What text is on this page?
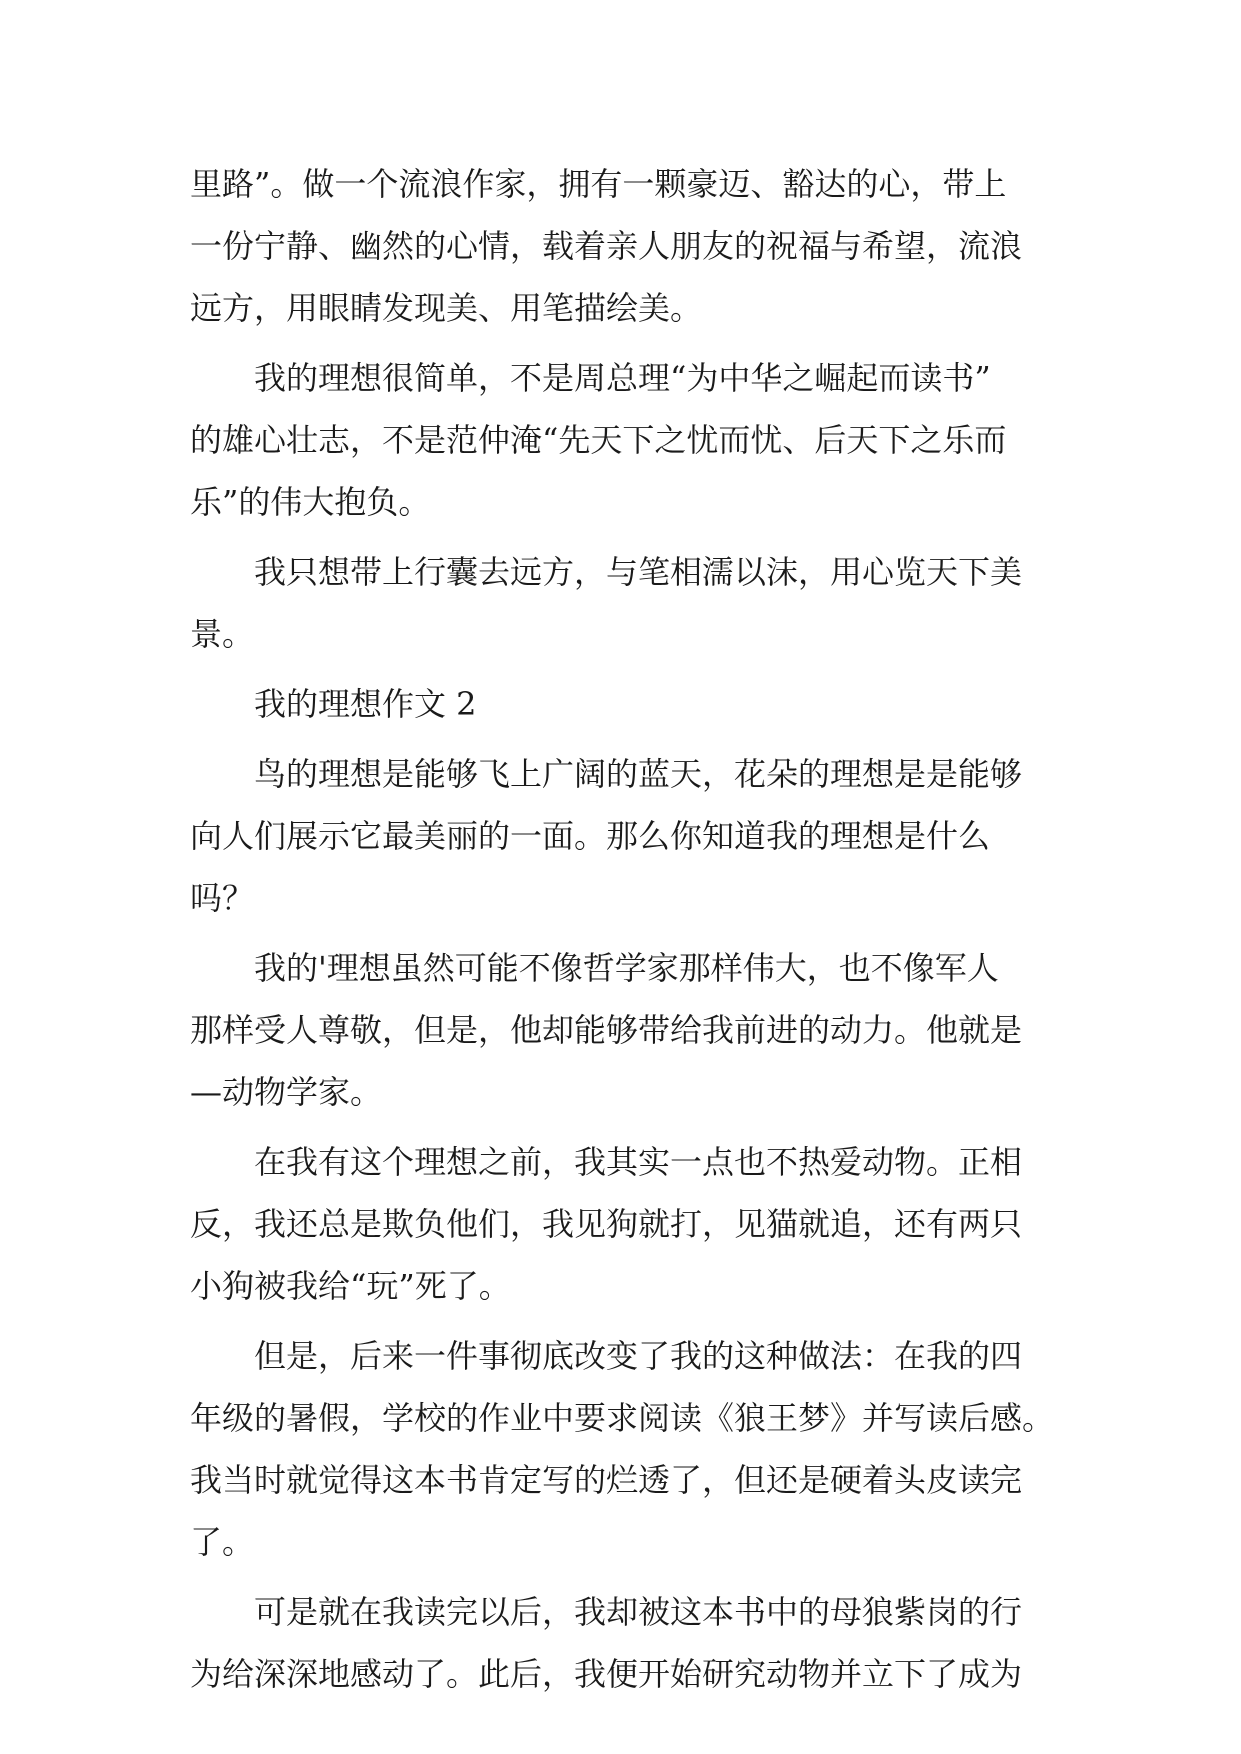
里路”。做一个流浪作家，拥有一颗豪迈、豁达的心，带上
一份宁静、幽然的心情，载着亲人朋友的祝福与希望，流浪
远方，用眼睛发现美、用笔描绘美。

我的理想很简单，不是周总理“为中华之崛起而读书”
的雄心壮志，不是范仲淹“先天下之忧而忧、后天下之乐而
乐”的伟大抱负。

我只想带上行囊去远方，与笔相濡以沫，用心览天下美
景。

我的理想作文 2

鸟的理想是能够飞上广阔的蓝天，花朵的理想是是能够
向人们展示它最美丽的一面。那么你知道我的理想是什么
吗？

我的'理想虽然可能不像哲学家那样伟大，也不像军人
那样受人尊敬，但是，他却能够带给我前进的动力。他就是
—动物学家。

在我有这个理想之前，我其实一点也不热爱动物。正相
反，我还总是欺负他们，我见狗就打，见猫就追，还有两只
小狗被我给“玩”死了。

但是，后来一件事彻底改变了我的这种做法：在我的四
年级的暑假，学校的作业中要求阅读《狼王梦》并写读后感。
我当时就觉得这本书肯定写的烂透了，但还是硬着头皮读完
了。

可是就在我读完以后，我却被这本书中的母狼紫岗的行
为给深深地感动了。此后，我便开始研究动物并立下了成为
